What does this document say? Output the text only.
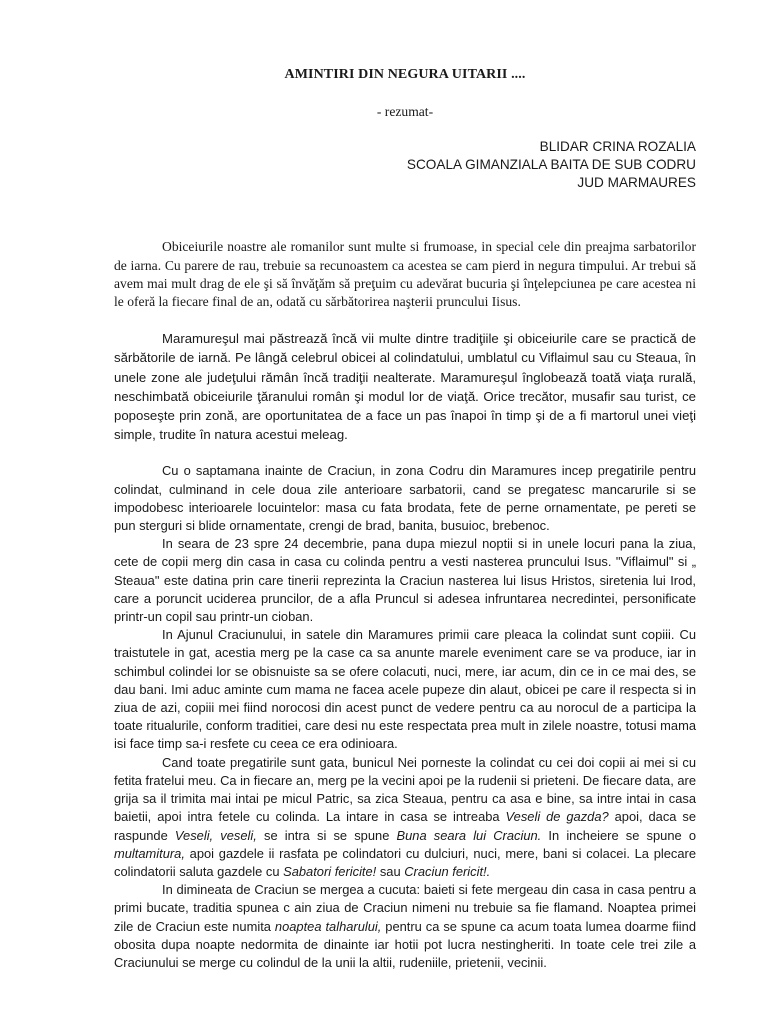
AMINTIRI DIN NEGURA UITARII ....

- rezumat-

BLIDAR CRINA ROZALIA
SCOALA GIMANZIALA BAITA DE SUB CODRU
JUD MARMAURES

Obiceiurile noastre ale romanilor sunt multe si frumoase, in special cele din preajma sarbatorilor de iarna. Cu parere de rau, trebuie sa recunoastem ca acestea se cam pierd in negura timpului. Ar trebui să avem mai mult drag de ele şi să învăţăm să preţuim cu adevărat bucuria şi înţelepciunea pe care acestea ni le oferă la fiecare final de an, odată cu sărbătorirea naşterii pruncului Iisus.

Maramureşul mai păstrează încă vii multe dintre tradiţiile şi obiceiurile care se practică de sărbătorile de iarnă. Pe lângă celebrul obicei al colindatului, umblatul cu Viflaimul sau cu Steaua, în unele zone ale judeţului rămân încă tradiţii nealterate. Maramureşul înglobează toată viaţa rurală, neschimbată obiceiurile ţăranului român şi modul lor de viaţă. Orice trecător, musafir sau turist, ce poposeşte prin zonă, are oportunitatea de a face un pas înapoi în timp şi de a fi martorul unei vieţi simple, trudite în natura acestui meleag.

Cu o saptamana inainte de Craciun, in zona Codru din Maramures incep pregatirile pentru colindat, culminand in cele doua zile anterioare sarbatorii, cand se pregatesc mancarurile si se impodobesc interioarele locuintelor: masa cu fata brodata, fete de perne ornamentate, pe pereti se pun sterguri si blide ornamentate, crengi de brad, banita, busuioc, brebenoc.

In seara de 23 spre 24 decembrie, pana dupa miezul noptii si in unele locuri pana la ziua, cete de copii merg din casa in casa cu colinda pentru a vesti nasterea pruncului Isus. "Viflaimul" si „ Steaua" este datina prin care tinerii reprezinta la Craciun nasterea lui Iisus Hristos, siretenia lui Irod, care a poruncit uciderea pruncilor, de a afla Pruncul si adesea infruntarea necredintei, personificate printr-un copil sau printr-un cioban.

In Ajunul Craciunului, in satele din Maramures primii care pleaca la colindat sunt copiii. Cu traistutele in gat, acestia merg pe la case ca sa anunte marele eveniment care se va produce, iar in schimbul colindei lor se obisnuiste sa se ofere colacuti, nuci, mere, iar acum, din ce in ce mai des, se dau bani. Imi aduc aminte cum mama ne facea acele pupeze din alaut, obicei pe care il respecta si in ziua de azi, copiii mei fiind norocosi din acest punct de vedere pentru ca au norocul de a participa la toate ritualurile, conform traditiei, care desi nu este respectata prea mult in zilele noastre, totusi mama isi face timp sa-i resfete cu ceea ce era odinioara.

Cand toate pregatirile sunt gata, bunicul Nei porneste la colindat cu cei doi copii ai mei si cu fetita fratelui meu. Ca in fiecare an, merg pe la vecini apoi pe la rudenii si prieteni. De fiecare data, are grija sa il trimita mai intai pe micul Patric, sa zica Steaua, pentru ca asa e bine, sa intre intai in casa baietii, apoi intra fetele cu colinda. La intare in casa se intreaba Veseli de gazda? apoi, daca se raspunde Veseli, veseli, se intra si se spune Buna seara lui Craciun. In incheiere se spune o multamitura, apoi gazdele ii rasfata pe colindatori cu dulciuri, nuci, mere, bani si colacei. La plecare colindatorii saluta gazdele cu Sabatori fericite! sau Craciun fericit!.

In dimineata de Craciun se mergea a cucuta: baieti si fete mergeau din casa in casa pentru a primi bucate, traditia spunea c ain ziua de Craciun nimeni nu trebuie sa fie flamand. Noaptea primei zile de Craciun este numita noaptea talharului, pentru ca se spune ca acum toata lumea doarme fiind obosita dupa noapte nedormita de dinainte iar hotii pot lucra nestingheriti. In toate cele trei zile a Craciunului se merge cu colindul de la unii la altii, rudeniile, prietenii, vecinii.
